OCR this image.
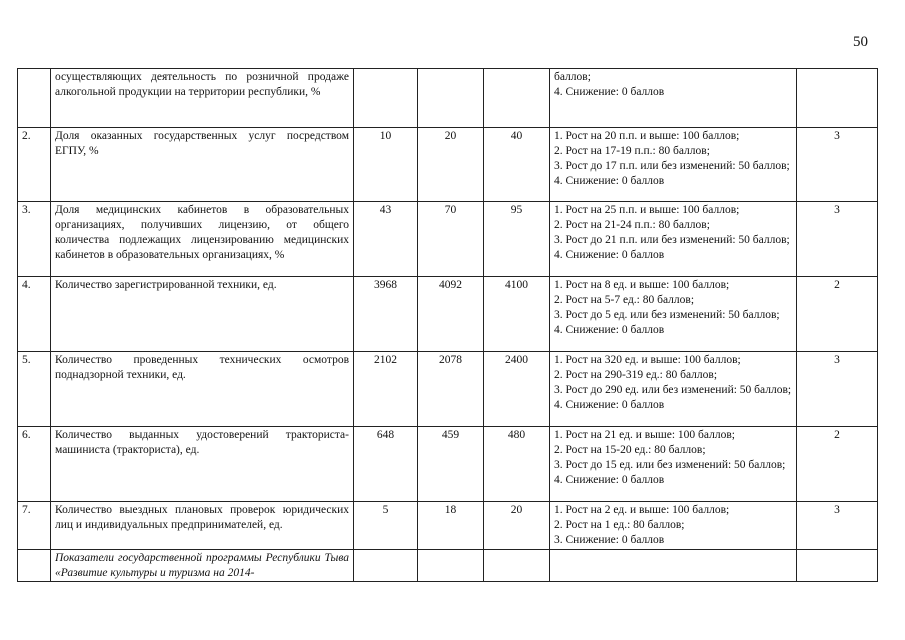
50
	осуществляющих деятельность по розничной продаже алкогольной продукции на территории республики, %				баллов;
4. Снижение: 0 баллов	

2.	Доля оказанных государственных услуг посредством ЕГПУ, %	10	20	40	1. Рост на 20 п.п. и выше: 100 баллов;
2. Рост на 17-19 п.п.: 80 баллов;
3. Рост до 17 п.п. или без изменений: 50 баллов;
4. Снижение: 0 баллов	3
3.	Доля медицинских кабинетов в образовательных организациях, получивших лицензию, от общего количества подлежащих лицензированию медицинских кабинетов в образовательных организациях, %	43	70	95	1. Рост на 25 п.п. и выше: 100 баллов;
2. Рост на 21-24 п.п.: 80 баллов;
3. Рост до 21 п.п. или без изменений: 50 баллов;
4. Снижение: 0 баллов	3
4.	Количество зарегистрированной техники, ед.	3968	4092	4100	1. Рост на 8 ед. и выше: 100 баллов;
2. Рост на 5-7 ед.: 80 баллов;
3. Рост до 5 ед. или без изменений: 50 баллов;
4. Снижение: 0 баллов	2
5.	Количество проведенных технических осмотров поднадзорной техники, ед.	2102	2078	2400	1. Рост на 320 ед. и выше: 100 баллов;
2. Рост на 290-319 ед.: 80 баллов;
3. Рост до 290 ед. или без изменений: 50 баллов;
4. Снижение: 0 баллов	3
6.	Количество выданных удостоверений тракториста-машиниста (тракториста), ед.	648	459	480	1. Рост на 21 ед. и выше: 100 баллов;
2. Рост на 15-20 ед.: 80 баллов;
3. Рост до 15 ед. или без изменений: 50 баллов;
4. Снижение: 0 баллов	2
7.	Количество выездных плановых проверок юридических лиц и индивидуальных предпринимателей, ед.	5	18	20	1. Рост на 2 ед. и выше: 100 баллов;
2. Рост на 1 ед.: 80 баллов;
3. Снижение: 0 баллов	3
	Показатели государственной программы Республики Тыва «Развитие культуры и туризма на 2014-					
